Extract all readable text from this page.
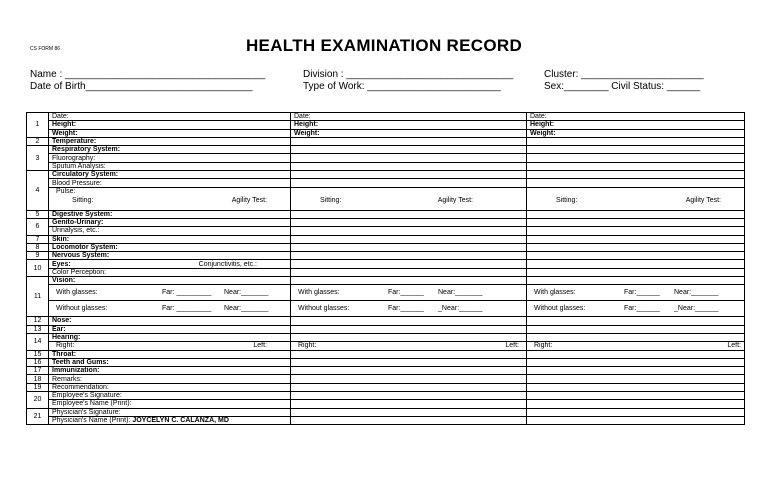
CS FORM 86	HEALTH EXAMINATION RECORD
Name : ____________________________________	Division : ______________________________	Cluster: ______________________
Date of Birth______________________________	Type of Work: ________________________	Sex:________ Civil Status: ______
1	Date:	Date:	Date:
	Height:	Height:	Height:
	Weight:	Weight:	Weight:
2	Temperature:		
3	Respiratory System:		
	Fluorography:		
	Sputum Analysis:		
4	Circulatory System:		
	Blood Pressure:		

	Pulse:
Sitting: Agility Test:	Sitting: Agility Test:	Sitting: Agility Test:

5	Digestive System:		
6	Genito-Urinary:		
	Urinalysis, etc.:		
7	Skin:		
8	Locomotor System:		
9	Nervous System:		
10	Eyes: Conjunctivitis, etc.:		

	Color Perception:		
11	Vision:		

	With glasses: Far: _________ Near:_______	With glasses: Far:______ Near:_______	With glasses: Far:______ Near:_______

	Without glasses: Far: _________ Near:_______	Without glasses: Far:______ _Near:______	Without glasses: Far:______ _Near:______

12	Nose:		
13	Ear:		
14	Hearing:		

	Right: Left:	Right: Left:	Right: Left:

15	Throat:		
16	Teeth and Gums:		
17	Immunization:		
18	Remarks:		
19	Recommendation:		
20	Employee's Signature:		
	Employee's Name (Print):		
21	Physician's Signature:		
	Physician's Name (Print): JOYCELYN C. CALANZA, MD		
